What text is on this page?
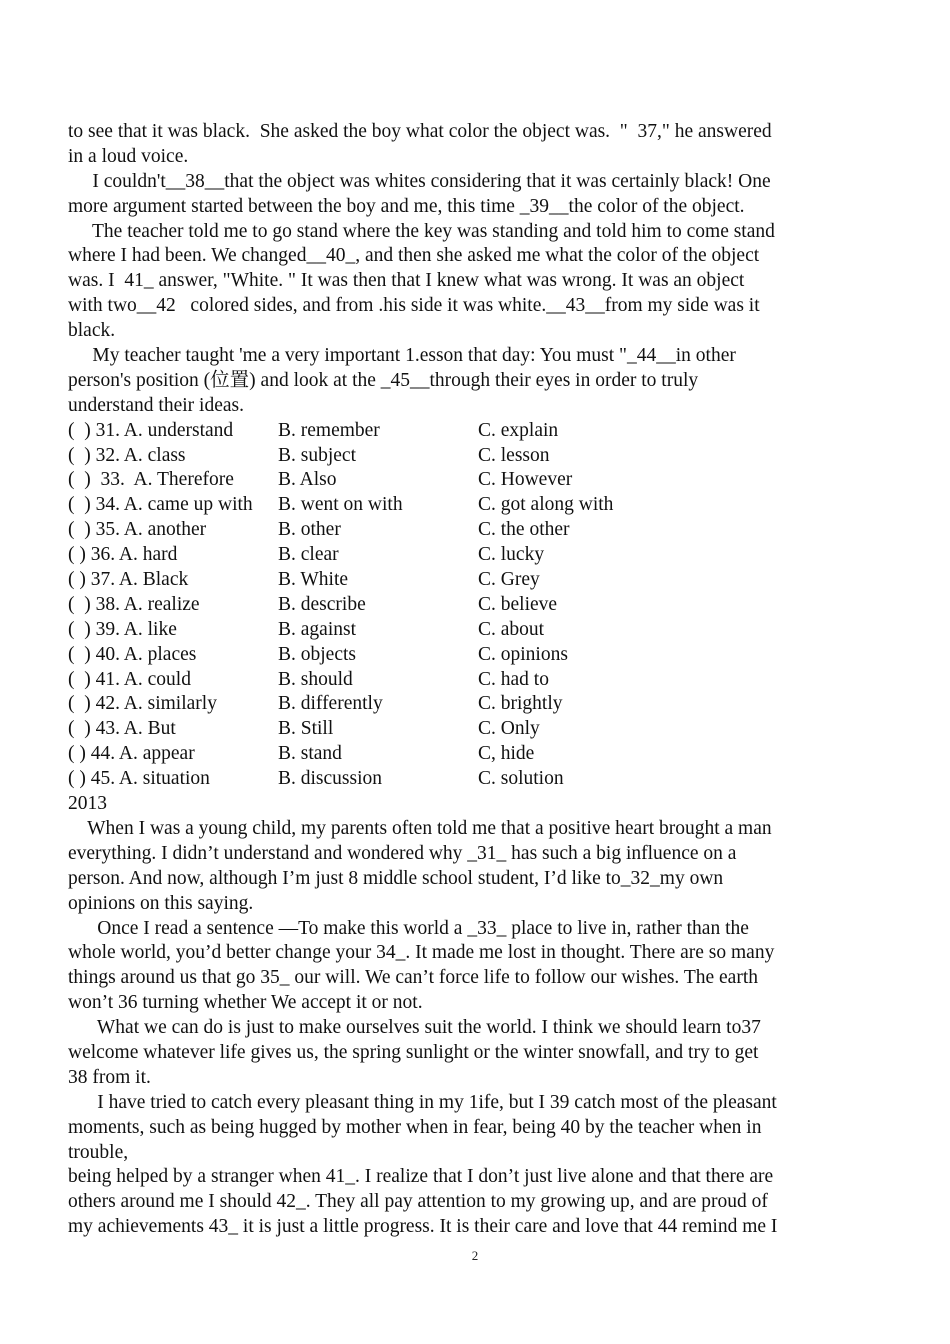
to see that it was black.  She asked the boy what color the object was.  "  37," he answered
in a loud voice.
I couldn't__38__that the object was whites considering that it was certainly black! One
more argument started between the boy and me, this time _39__the color of the object.
The teacher told me to go stand where the key was standing and told him to come stand
where I had been. We changed__40_, and then she asked me what the color of the object
was. I  41_ answer, "White. " It was then that I knew what was wrong. It was an object
with two__42   colored sides, and from .his side it was white.__43__from my side was it
black.
My teacher taught 'me a very important 1.esson that day: You must "_44__in other
person's position (位置) and look at the _45__through their eyes in order to truly
understand their ideas.
(  ) 31. A. understand B. remember	C. explain
(  ) 32. A. class	B. subject	C. lesson
(  )  33.  A. Therefore B. Also	C. However
(  ) 34. A. came up with B. went on with	C. got along with
(  ) 35. A. another	B. other	C. the other
( ) 36. A. hard	B. clear	C. lucky
( ) 37. A. Black	B. White	C. Grey
(  ) 38. A. realize	B. describe	C. believe
(  ) 39. A. like	B. against	C. about
(  ) 40. A. places	B. objects	C. opinions
(  ) 41. A. could	B. should	C. had to
(  ) 42. A. similarly	B. differently	C. brightly
(  ) 43. A. But	B. Still	C. Only
( ) 44. A. appear	B. stand	C, hide
( ) 45. A. situation	B. discussion	C. solution
2013
When I was a young child, my parents often told me that a positive heart brought a man
everything. I didn’t understand and wondered why _31_ has such a big influence on a
person. And now, although I’m just 8 middle school student, I’d like to_32_my own
opinions on this saying.
Once I read a sentence —To make this world a _33_ place to live in, rather than the
whole world, you’d better change your 34_. It made me lost in thought. There are so many
things around us that go 35_ our will. We can’t force life to follow our wishes. The earth
won’t 36 turning whether We accept it or not.
What we can do is just to make ourselves suit the world. I think we should learn to37
welcome whatever life gives us, the spring sunlight or the winter snowfall, and try to get
38 from it.
I have tried to catch every pleasant thing in my 1ife, but I 39 catch most of the pleasant
moments, such as being hugged by mother when in fear, being 40 by the teacher when in
trouble,
being helped by a stranger when 41_. I realize that I don’t just live alone and that there are
others around me I should 42_. They all pay attention to my growing up, and are proud of
my achievements 43_ it is just a little progress. It is their care and love that 44 remind me I
2
